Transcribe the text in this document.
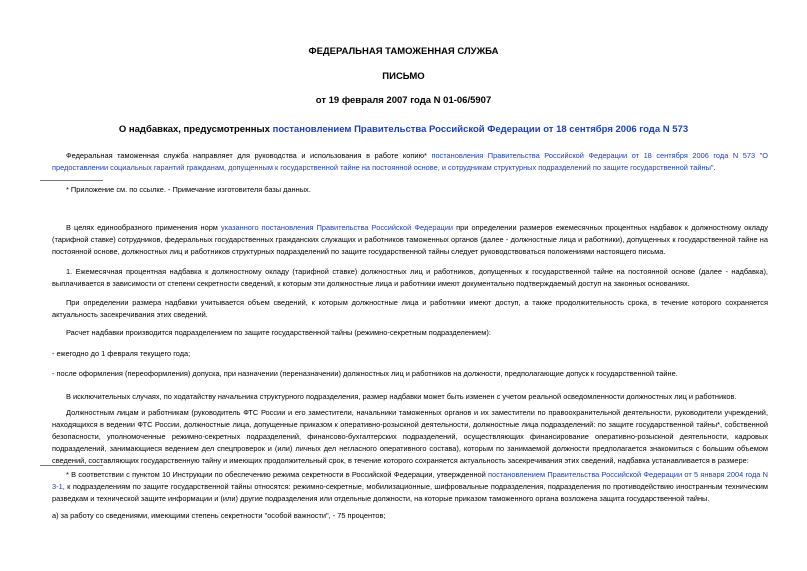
ФЕДЕРАЛЬНАЯ ТАМОЖЕННАЯ СЛУЖБА
ПИСЬМО
от 19 февраля 2007 года N 01-06/5907
О надбавках, предусмотренных постановлением Правительства Российской Федерации от 18 сентября 2006 года N 573

Федеральная таможенная служба направляет для руководства и использования в работе копию* постановления Правительства Российской Федерации от 18 сентября 2006 года N 573 "О предоставлении социальных гарантий гражданам, допущенным к государственной тайне на постоянной основе, и сотрудникам структурных подразделений по защите государственной тайны".

* Приложение см. по ссылке. - Примечание изготовителя базы данных.

В целях единообразного применения норм указанного постановления Правительства Российской Федерации при определении размеров ежемесячных процентных надбавок к должностному окладу (тарифной ставке) сотрудников, федеральных государственных гражданских служащих и работников таможенных органов (далее - должностные лица и работники), допущенных к государственной тайне на постоянной основе, должностных лиц и работников структурных подразделений по защите государственной тайны следует руководствоваться положениями настоящего письма.

1. Ежемесячная процентная надбавка к должностному окладу (тарифной ставке) должностных лиц и работников, допущенных к государственной тайне на постоянной основе (далее - надбавка), выплачивается в зависимости от степени секретности сведений, к которым эти должностные лица и работники имеют документально подтверждаемый доступ на законных основаниях.

При определении размера надбавки учитывается объем сведений, к которым должностные лица и работники имеют доступ, а также продолжительность срока, в течение которого сохраняется актуальность засекречивания этих сведений.

Расчет надбавки производится подразделением по защите государственной тайны (режимно-секретным подразделением):

- ежегодно до 1 февраля текущего года;

- после оформления (переоформления) допуска, при назначении (переназначении) должностных лиц и работников на должности, предполагающие допуск к государственной тайне.

В исключительных случаях, по ходатайству начальника структурного подразделения, размер надбавки может быть изменен с учетом реальной осведомленности должностных лиц и работников.

Должностным лицам и работникам (руководитель ФТС России и его заместители, начальники таможенных органов и их заместители по правоохранительной деятельности, руководители учреждений, находящихся в ведении ФТС России, должностные лица, допущенные приказом к оперативно-розыскной деятельности, должностные лица подразделений: по защите государственной тайны*, собственной безопасности, уполномоченные режимно-секретных подразделений, финансово-бухгалтерских подразделений, осуществляющих финансирование оперативно-розыскной деятельности, кадровых подразделений, занимающиеся ведением дел спецпроверок и (или) личных дел негласного оперативного состава), которым по занимаемой должности предполагается знакомиться с большим объемом сведений, составляющих государственную тайну и имеющих продолжительный срок, в течение которого сохраняется актуальность засекречивания этих сведений, надбавка устанавливается в размере:

* В соответствии с пунктом 10 Инструкции по обеспечению режима секретности в Российской Федерации, утвержденной постановлением Правительства Российской Федерации от 5 января 2004 года N 3-1, к подразделениям по защите государственной тайны относятся: режимно-секретные, мобилизационные, шифровальные подразделения, подразделения по противодействию иностранным техническим разведкам и технической защите информации и (или) другие подразделения или отдельные должности, на которые приказом таможенного органа возложена защита государственной тайны.

а) за работу со сведениями, имеющими степень секретности "особой важности", - 75 процентов;
